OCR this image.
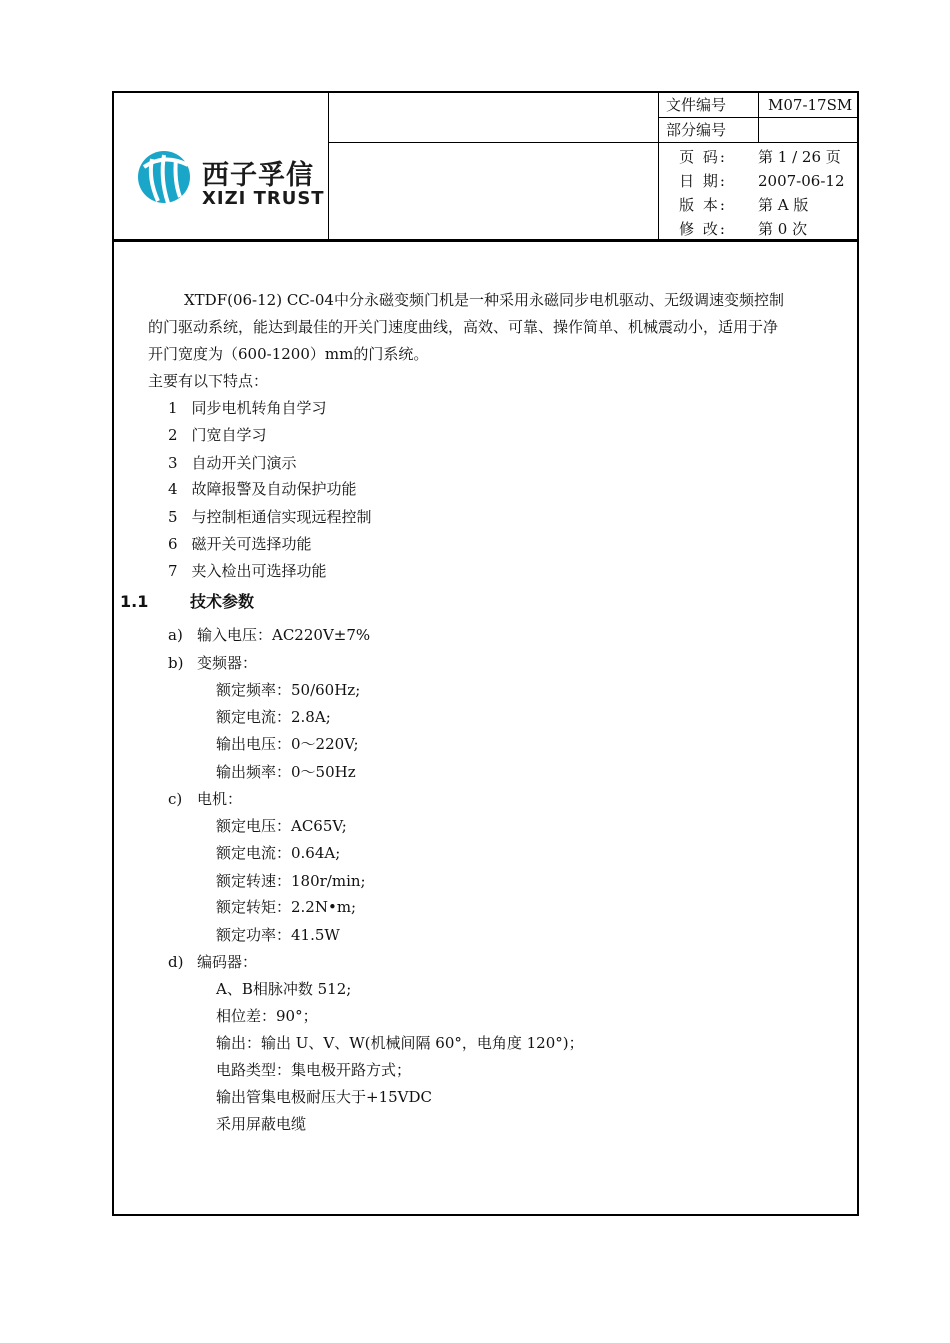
西子孚信
XIZI TRUST
文件编号	M07-17SM
部分编号
页 码:	第 1 / 26 页
日 期:	2007-06-12
版 本:	第 A 版
修 改:	第 0 次
XTDF(06-12) CC-04中分永磁变频门机是一种采用永磁同步电机驱动、无级调速变频控制
的门驱动系统，能达到最佳的开关门速度曲线，高效、可靠、操作简单、机械震动小，适用于净
开门宽度为（600-1200）mm的门系统。
主要有以下特点：
1 同步电机转角自学习
2 门宽自学习
3 自动开关门演示
4 故障报警及自动保护功能
5 与控制柜通信实现远程控制
6 磁开关可选择功能
7 夹入检出可选择功能
1.1	技术参数
a) 输入电压：AC220V±7%
b) 变频器：
额定频率：50/60Hz;
额定电流：2.8A;
输出电压：0～220V;
输出频率：0～50Hz
c) 电机：
额定电压：AC65V;
额定电流：0.64A;
额定转速：180r/min;
额定转矩：2.2N•m;
额定功率：41.5W
d) 编码器：
A、B相脉冲数 512;
相位差：90°；
输出：输出 U、V、W(机械间隔 60°，电角度 120°)；
电路类型：集电极开路方式；
输出管集电极耐压大于+15VDC
采用屏蔽电缆
